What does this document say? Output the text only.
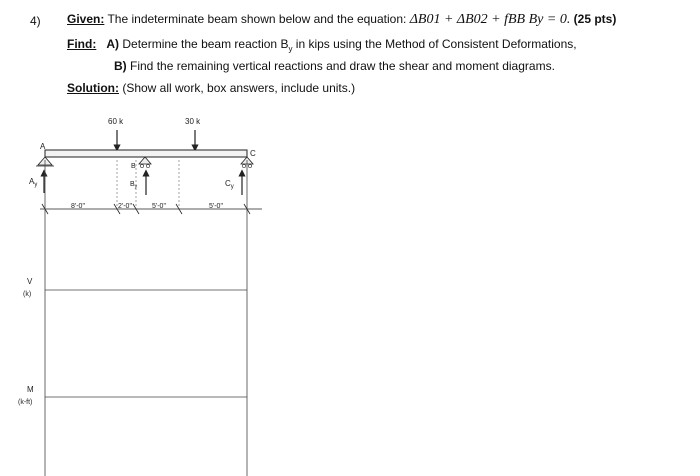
4) Given: The indeterminate beam shown below and the equation: ΔB01 + ΔB02 + fBB By = 0. (25 pts)
Find: A) Determine the beam reaction $B_y$ in kips using the Method of Consistent Deformations,
B) Find the remaining vertical reactions and draw the shear and moment diagrams.
Solution: (Show all work, box answers, include units.)
60 k	30 k
A
B
C
$A_y$	$B_y$	$C_y$
8'-0"	2'-0"	5'-0"	5'-0"
V
(k)
M
(k-ft)
